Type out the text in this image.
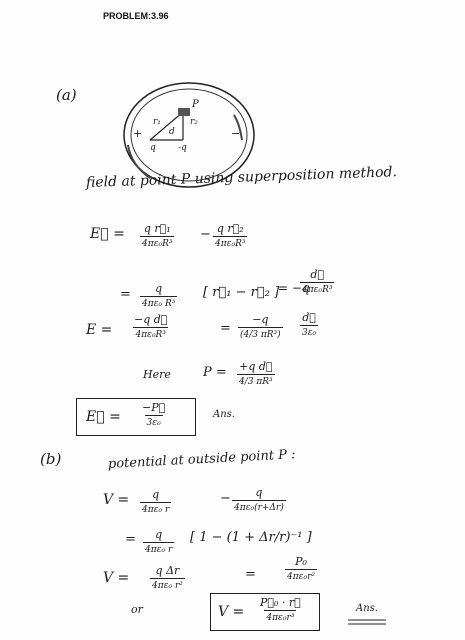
PROBLEM:3.96
(a)
+	−
P
r₁	r₂
d
q -q
field at point P using superposition method.
E⃗ = q r⃗₁
4πε₀R³
− q r⃗₂
4πε₀R³
= q
4πε₀ R³
[ r⃗₁ − r⃗₂ ]
= −q
d⃗
4πε₀R³
E =
−q d⃗
4πε₀R³	=
−q
(4/3 πR³)
d⃗
3ε₀
Here P = +q d⃗
4/3 πR³
E⃗ =
−P⃗
3ε₀
Ans.
(b)	potential at outside point P :
V = q
4πε₀ r
− q
4πε₀(r+Δr)
= q
4πε₀ r
[ 1 − (1 + Δr/r)⁻¹ ]
V = q Δr
4πε₀ r²
=
P₀
4πε₀r²
or	V =
P⃗₀ · r⃗
4πε₀r³
Ans.
